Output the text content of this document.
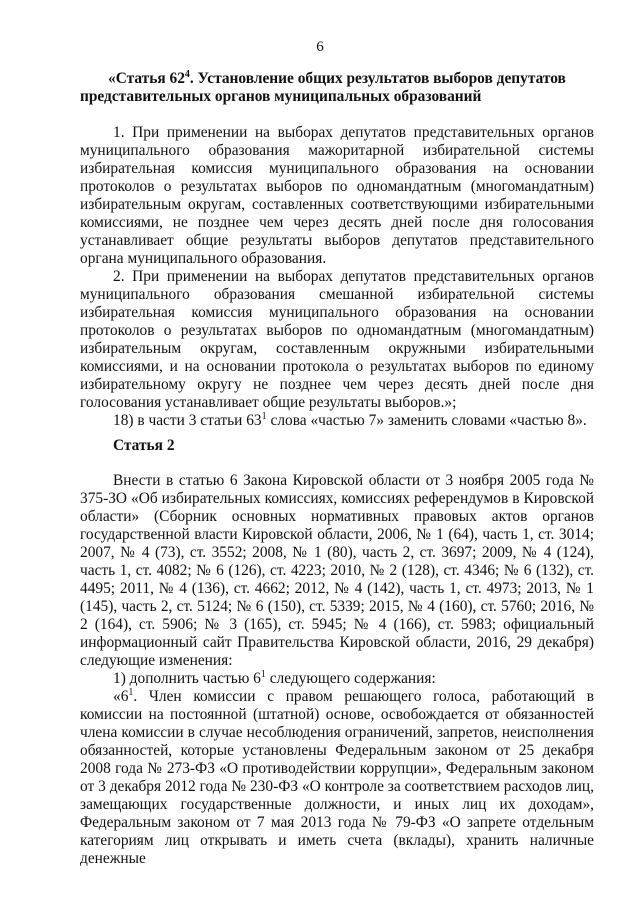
6
«Статья $62^4$. Установление общих результатов выборов депутатов представительных органов муниципальных образований

1. При применении на выборах депутатов представительных органов муниципального образования мажоритарной избирательной системы избирательная комиссия муниципального образования на основании протоколов о результатах выборов по одномандатным (многомандатным) избирательным округам, составленных соответствующими избирательными комиссиями, не позднее чем через десять дней после дня голосования устанавливает общие результаты выборов депутатов представительного органа муниципального образования.

2. При применении на выборах депутатов представительных органов муниципального образования смешанной избирательной системы избирательная комиссия муниципального образования на основании протоколов о результатах выборов по одномандатным (многомандатным) избирательным округам, составленным окружными избирательными комиссиями, и на основании протокола о результатах выборов по единому избирательному округу не позднее чем через десять дней после дня голосования устанавливает общие результаты выборов.»;

18) в части 3 статьи $63^1$ слова «частью 7» заменить словами «частью 8».

Статья 2

Внести в статью 6 Закона Кировской области от 3 ноября 2005 года № 375-ЗО «Об избирательных комиссиях, комиссиях референдумов в Кировской области» (Сборник основных нормативных правовых актов органов государственной власти Кировской области, 2006, № 1 (64), часть 1, ст. 3014; 2007, № 4 (73), ст. 3552; 2008, № 1 (80), часть 2, ст. 3697; 2009, № 4 (124), часть 1, ст. 4082; № 6 (126), ст. 4223; 2010, № 2 (128), ст. 4346; № 6 (132), ст. 4495; 2011, № 4 (136), ст. 4662; 2012, № 4 (142), часть 1, ст. 4973; 2013, № 1 (145), часть 2, ст. 5124; № 6 (150), ст. 5339; 2015, № 4 (160), ст. 5760; 2016, № 2 (164), ст. 5906; № 3 (165), ст. 5945; № 4 (166), ст. 5983; официальный информационный сайт Правительства Кировской области, 2016, 29 декабря) следующие изменения:

1) дополнить частью $6^1$ следующего содержания:

«$6^1$. Член комиссии с правом решающего голоса, работающий в комиссии на постоянной (штатной) основе, освобождается от обязанностей члена комиссии в случае несоблюдения ограничений, запретов, неисполнения обязанностей, которые установлены Федеральным законом от 25 декабря 2008 года № 273-ФЗ «О противодействии коррупции», Федеральным законом от 3 декабря 2012 года № 230-ФЗ «О контроле за соответствием расходов лиц, замещающих государственные должности, и иных лиц их доходам», Федеральным законом от 7 мая 2013 года № 79-ФЗ «О запрете отдельным категориям лиц открывать и иметь счета (вклады), хранить наличные денежные
